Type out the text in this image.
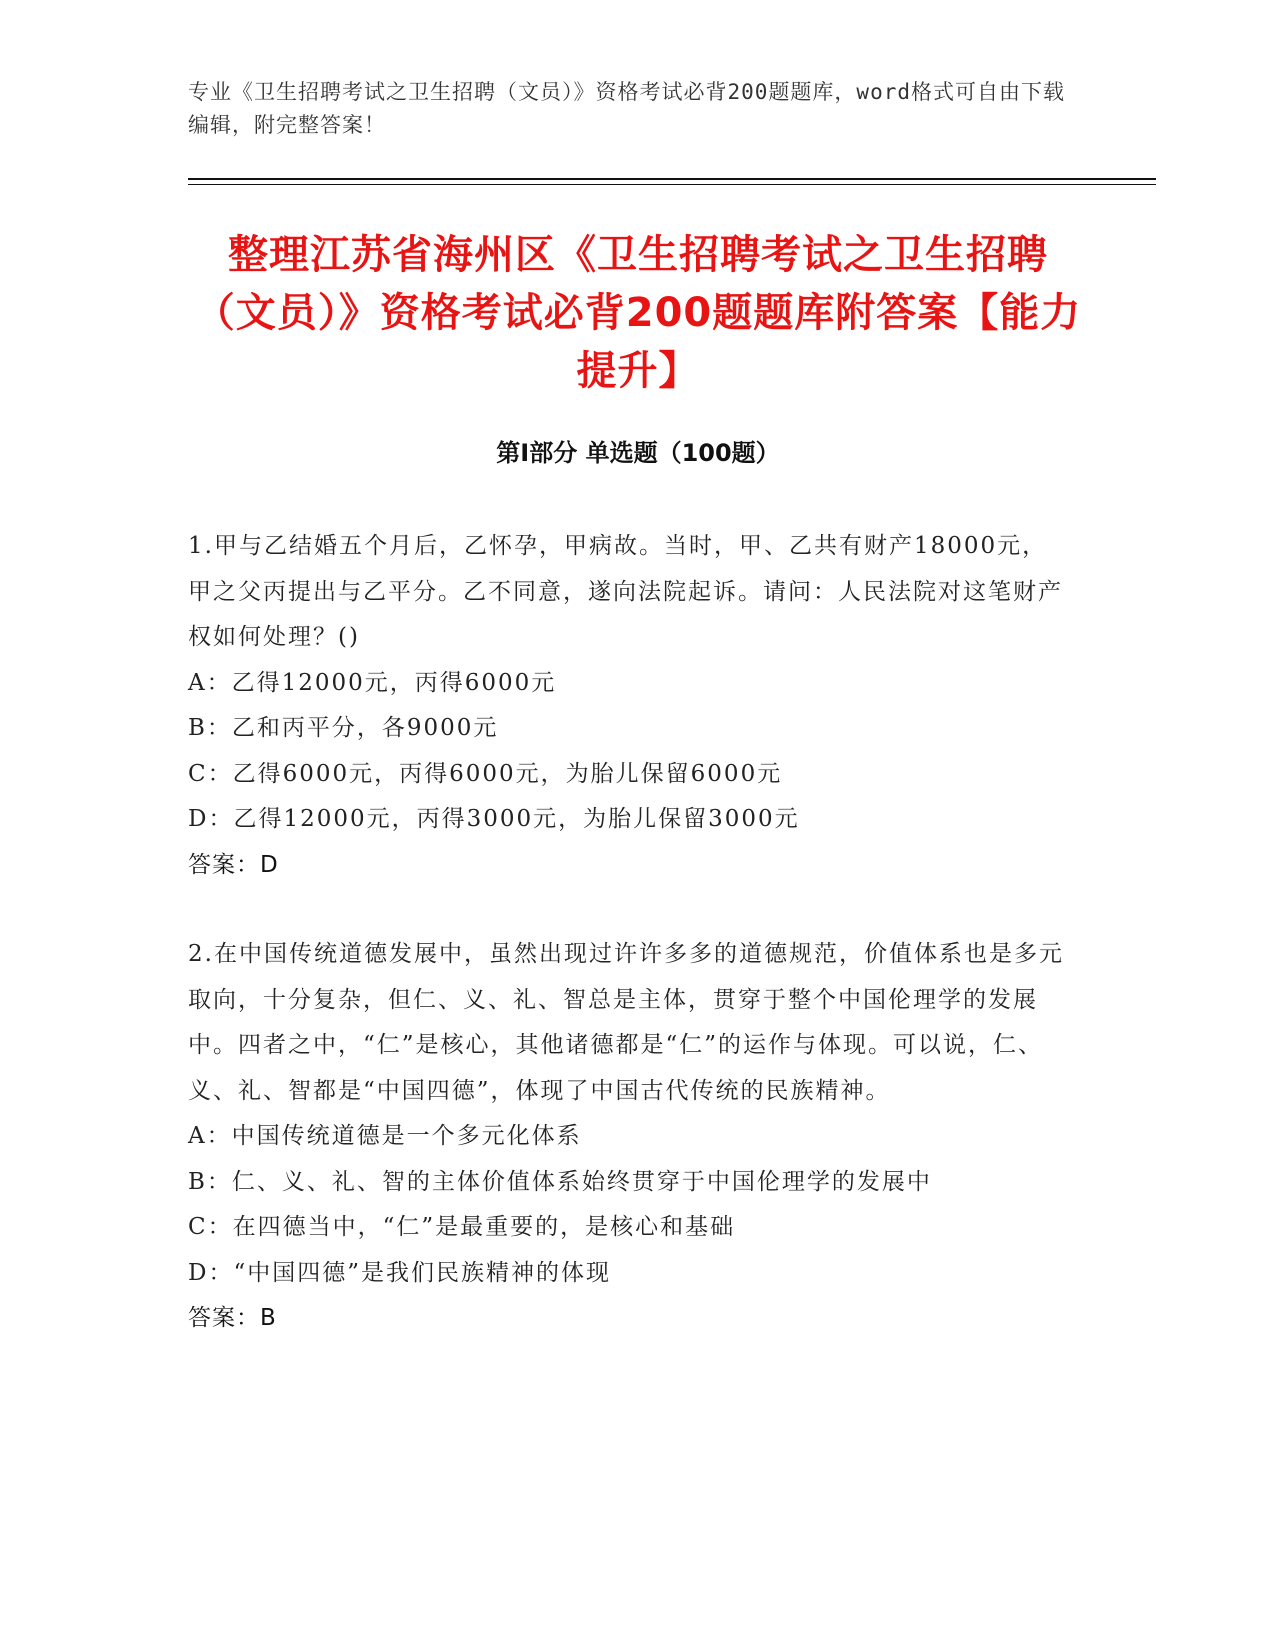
专业《卫生招聘考试之卫生招聘（文员）》资格考试必背200题题库，word格式可自由下载编辑，附完整答案！
整理江苏省海州区《卫生招聘考试之卫生招聘（文员）》资格考试必背200题题库附答案【能力提升】
第I部分 单选题（100题）
1.甲与乙结婚五个月后，乙怀孕，甲病故。当时，甲、乙共有财产18000元，甲之父丙提出与乙平分。乙不同意，遂向法院起诉。请问：人民法院对这笔财产权如何处理？()
A：乙得12000元，丙得6000元
B：乙和丙平分，各9000元
C：乙得6000元，丙得6000元，为胎儿保留6000元
D：乙得12000元，丙得3000元，为胎儿保留3000元
答案：D
2.在中国传统道德发展中，虽然出现过许许多多的道德规范，价值体系也是多元取向，十分复杂，但仁、义、礼、智总是主体，贯穿于整个中国伦理学的发展中。四者之中，“仁”是核心，其他诸德都是“仁”的运作与体现。可以说，仁、义、礼、智都是“中国四德”，体现了中国古代传统的民族精神。
A：中国传统道德是一个多元化体系
B：仁、义、礼、智的主体价值体系始终贯穿于中国伦理学的发展中
C：在四德当中，“仁”是最重要的，是核心和基础
D：“中国四德”是我们民族精神的体现
答案：B
